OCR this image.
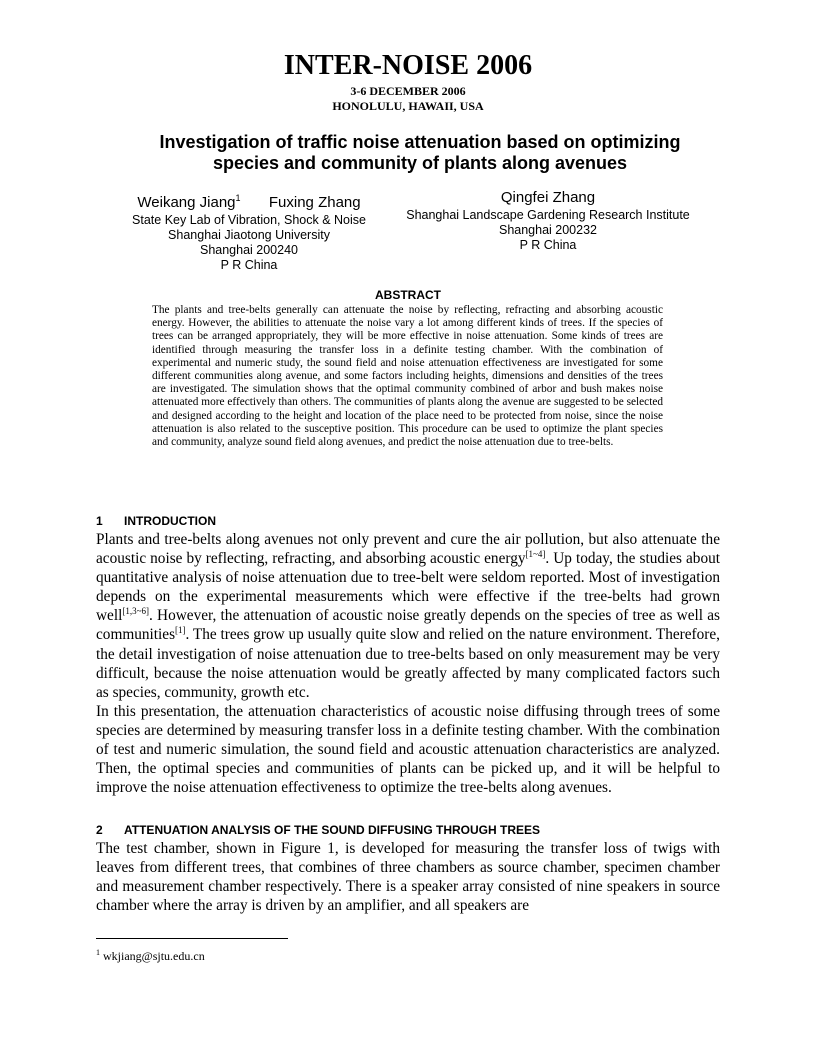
INTER-NOISE 2006
3-6 DECEMBER 2006
HONOLULU, HAWAII, USA
Investigation of traffic noise attenuation based on optimizing
species and community of plants along avenues
Weikang Jiang$^1$ Fuxing Zhang
State Key Lab of Vibration, Shock & Noise
Shanghai Jiaotong University
Shanghai 200240
P R China
Qingfei Zhang
Shanghai Landscape Gardening Research Institute
Shanghai 200232
P R China
ABSTRACT
The plants and tree-belts generally can attenuate the noise by reflecting, refracting and absorbing acoustic energy. However, the abilities to attenuate the noise vary a lot among different kinds of trees. If the species of trees can be arranged appropriately, they will be more effective in noise attenuation. Some kinds of trees are identified through measuring the transfer loss in a definite testing chamber. With the combination of experimental and numeric study, the sound field and noise attenuation effectiveness are investigated for some different communities along avenue, and some factors including heights, dimensions and densities of the trees are investigated. The simulation shows that the optimal community combined of arbor and bush makes noise attenuated more effectively than others. The communities of plants along the avenue are suggested to be selected and designed according to the height and location of the place need to be protected from noise, since the noise attenuation is also related to the susceptive position. This procedure can be used to optimize the plant species and community, analyze sound field along avenues, and predict the noise attenuation due to tree-belts.
1 INTRODUCTION

Plants and tree-belts along avenues not only prevent and cure the air pollution, but also attenuate the acoustic noise by reflecting, refracting, and absorbing acoustic energy[1~4]. Up today, the studies about quantitative analysis of noise attenuation due to tree-belt were seldom reported. Most of investigation depends on the experimental measurements which were effective if the tree-belts had grown well[1,3~6]. However, the attenuation of acoustic noise greatly depends on the species of tree as well as communities[1]. The trees grow up usually quite slow and relied on the nature environment. Therefore, the detail investigation of noise attenuation due to tree-belts based on only measurement may be very difficult, because the noise attenuation would be greatly affected by many complicated factors such as species, community, growth etc.

In this presentation, the attenuation characteristics of acoustic noise diffusing through trees of some species are determined by measuring transfer loss in a definite testing chamber. With the combination of test and numeric simulation, the sound field and acoustic attenuation characteristics are analyzed. Then, the optimal species and communities of plants can be picked up, and it will be helpful to improve the noise attenuation effectiveness to optimize the tree-belts along avenues.

2 ATTENUATION ANALYSIS OF THE SOUND DIFFUSING THROUGH TREES

The test chamber, shown in Figure 1, is developed for measuring the transfer loss of twigs with leaves from different trees, that combines of three chambers as source chamber, specimen chamber and measurement chamber respectively. There is a speaker array consisted of nine speakers in source chamber where the array is driven by an amplifier, and all speakers are

$^1$ wkjiang@sjtu.edu.cn
